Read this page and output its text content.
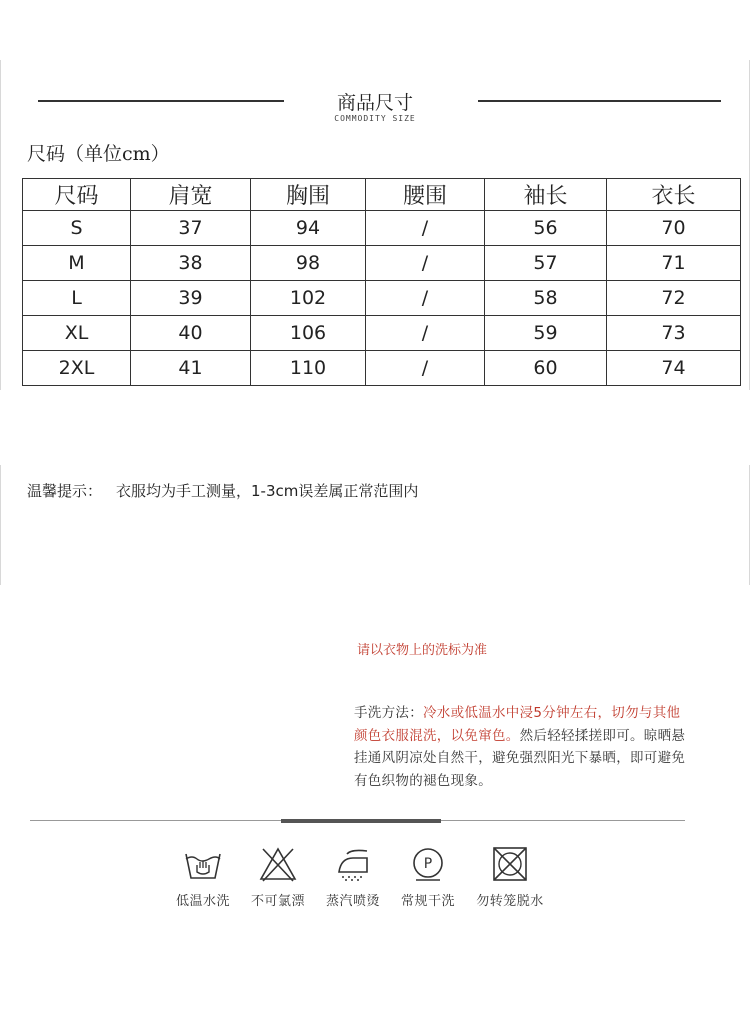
商品尺寸
COMMODITY SIZE
尺码（单位cm）
尺码	肩宽	胸围	腰围	袖长	衣长
S	37	94	/	56	70
M	38	98	/	57	71
L	39	102	/	58	72
XL	40	106	/	59	73
2XL	41	110	/	60	74
温馨提示： 衣服均为手工测量，1-3cm误差属正常范围内
请以衣物上的洗标为准
手洗方法：冷水或低温水中浸5分钟左右，切勿与其他颜色衣服混洗，以免窜色。然后轻轻揉搓即可。晾晒悬挂通风阴凉处自然干，避免强烈阳光下暴晒，即可避免有色织物的褪色现象。
低温水洗	不可氯漂	蒸汽喷烫
P
常规干洗	勿转笼脱水
